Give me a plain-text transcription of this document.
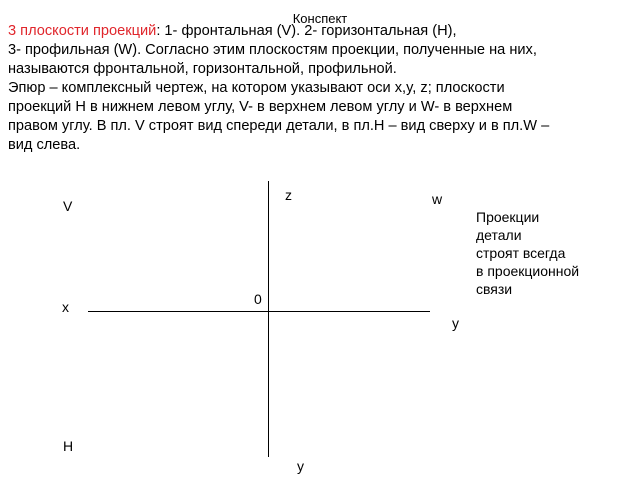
Конспект

3 плоскости проекций: 1- фронтальная (V). 2- горизонтальная (H),

3- профильная (W). Согласно этим плоскостям проекции, полученные на них,

называются фронтальной, горизонтальной, профильной.

Эпюр – комплексный чертеж, на котором указывают оси x,y, z; плоскости

проекций H в нижнем левом углу, V- в верхнем левом углу и W- в верхнем

правом углу. В пл. V строят вид спереди детали, в пл.H – вид сверху и в пл.W –

вид слева.

z	w
V
x	0
y
H
y
Проекции
детали
строят всегда
в проекционной
связи
